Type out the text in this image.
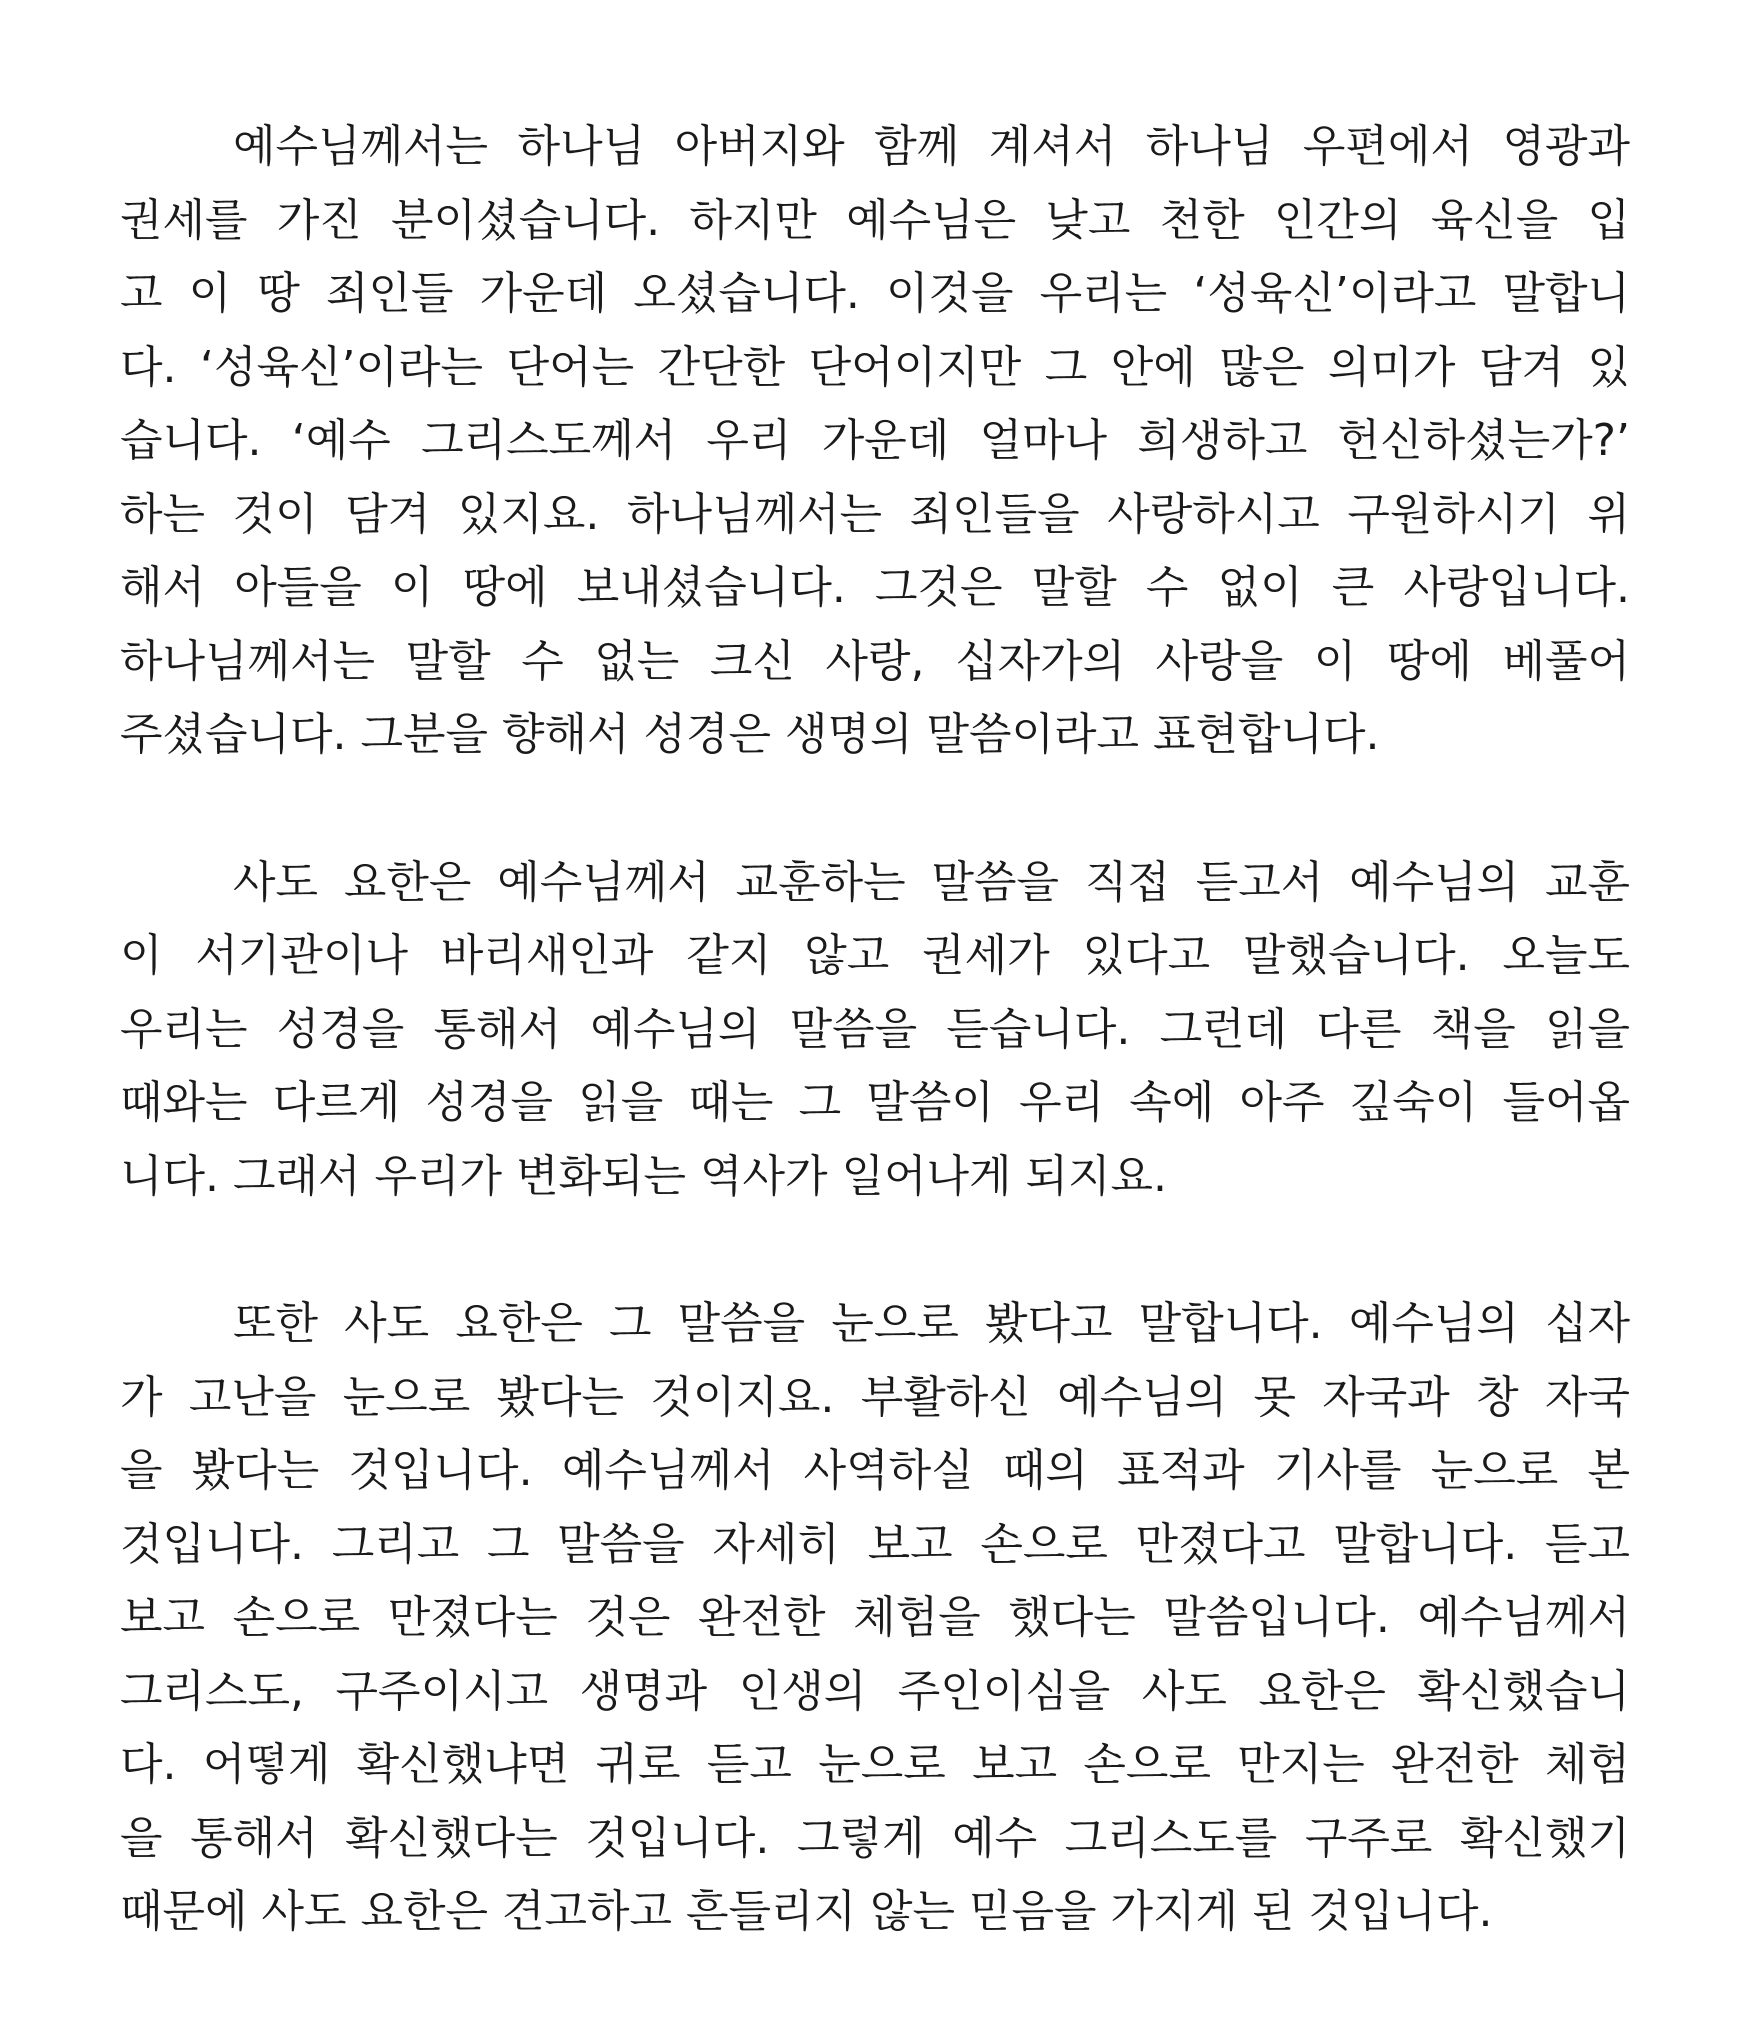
예수님께서는 하나님 아버지와 함께 계셔서 하나님 우편에서 영광과
권세를 가진 분이셨습니다. 하지만 예수님은 낮고 천한 인간의 육신을 입
고 이 땅 죄인들 가운데 오셨습니다. 이것을 우리는 ‘성육신’이라고 말합니
다. ‘성육신’이라는 단어는 간단한 단어이지만 그 안에 많은 의미가 담겨 있
습니다. ‘예수 그리스도께서 우리 가운데 얼마나 희생하고 헌신하셨는가?’
하는 것이 담겨 있지요. 하나님께서는 죄인들을 사랑하시고 구원하시기 위
해서 아들을 이 땅에 보내셨습니다. 그것은 말할 수 없이 큰 사랑입니다.
하나님께서는 말할 수 없는 크신 사랑, 십자가의 사랑을 이 땅에 베풀어
주셨습니다. 그분을 향해서 성경은 생명의 말씀이라고 표현합니다.
사도 요한은 예수님께서 교훈하는 말씀을 직접 듣고서 예수님의 교훈
이 서기관이나 바리새인과 같지 않고 권세가 있다고 말했습니다. 오늘도
우리는 성경을 통해서 예수님의 말씀을 듣습니다. 그런데 다른 책을 읽을
때와는 다르게 성경을 읽을 때는 그 말씀이 우리 속에 아주 깊숙이 들어옵
니다. 그래서 우리가 변화되는 역사가 일어나게 되지요.
또한 사도 요한은 그 말씀을 눈으로 봤다고 말합니다. 예수님의 십자
가 고난을 눈으로 봤다는 것이지요. 부활하신 예수님의 못 자국과 창 자국
을 봤다는 것입니다. 예수님께서 사역하실 때의 표적과 기사를 눈으로 본
것입니다. 그리고 그 말씀을 자세히 보고 손으로 만졌다고 말합니다. 듣고
보고 손으로 만졌다는 것은 완전한 체험을 했다는 말씀입니다. 예수님께서
그리스도, 구주이시고 생명과 인생의 주인이심을 사도 요한은 확신했습니
다. 어떻게 확신했냐면 귀로 듣고 눈으로 보고 손으로 만지는 완전한 체험
을 통해서 확신했다는 것입니다. 그렇게 예수 그리스도를 구주로 확신했기
때문에 사도 요한은 견고하고 흔들리지 않는 믿음을 가지게 된 것입니다.
